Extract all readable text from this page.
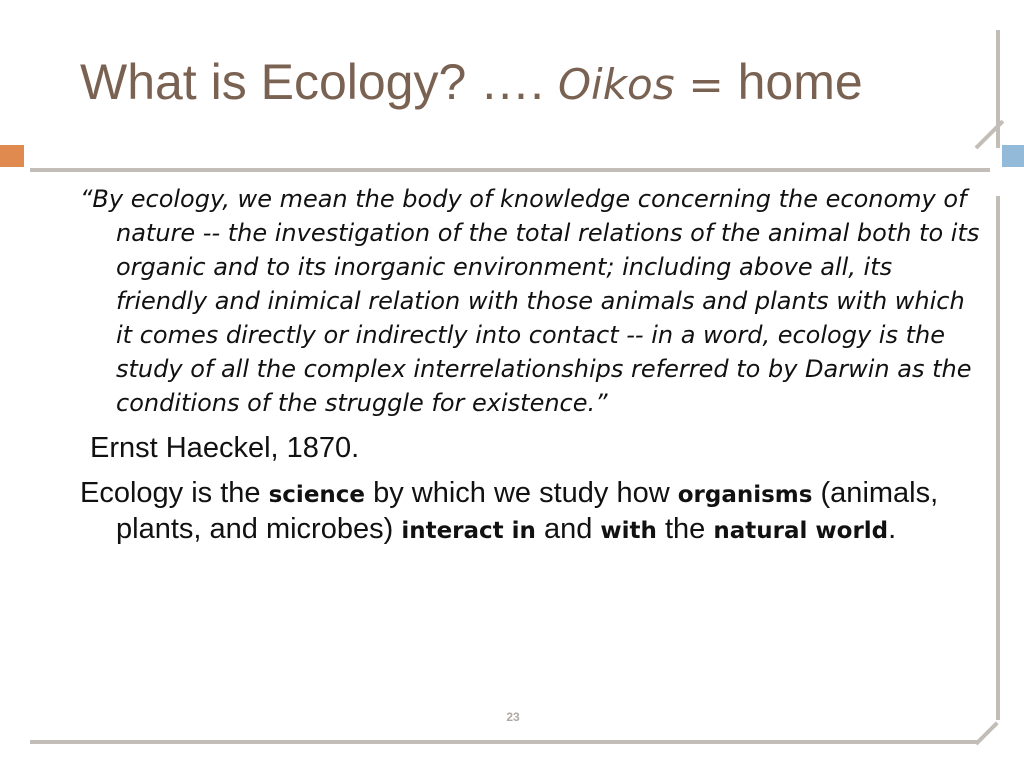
What is Ecology? …. Oikos = home

“By ecology, we mean the body of knowledge concerning the economy of nature -- the investigation of the total relations of the animal both to its organic and to its inorganic environment; including above all, its friendly and inimical relation with those animals and plants with which it comes directly or indirectly into contact -- in a word, ecology is the study of all the complex interrelationships referred to by Darwin as the conditions of the struggle for existence.”

Ernst Haeckel, 1870.

Ecology is the science by which we study how organisms (animals, plants, and microbes) interact in and with the natural world.

23
